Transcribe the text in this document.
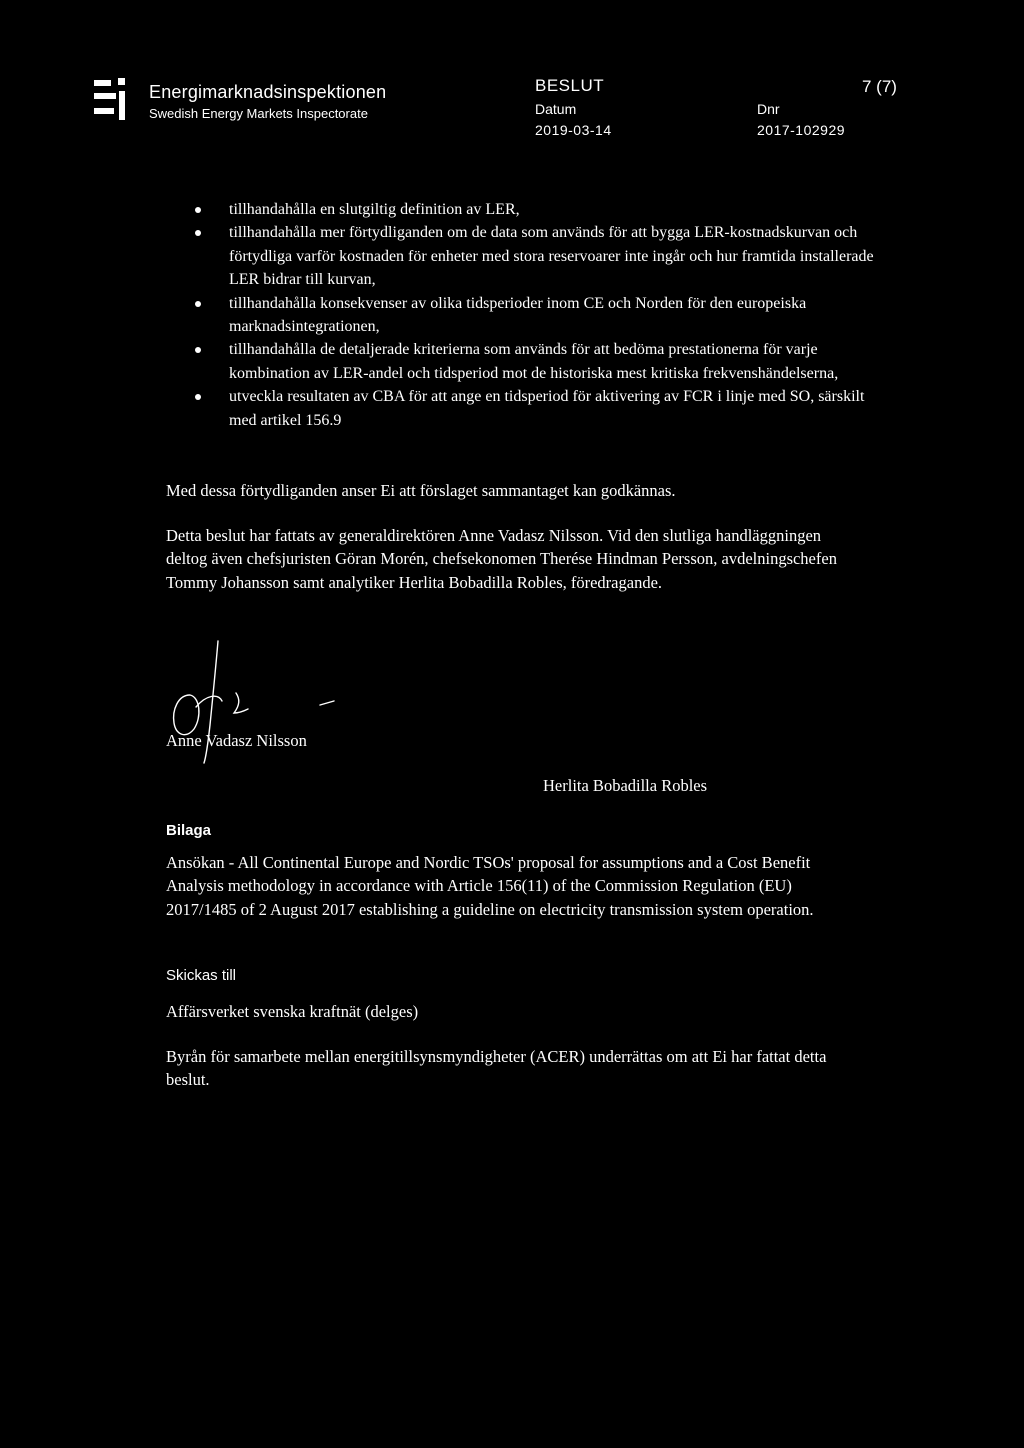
Energimarknadsinspektionen
Swedish Energy Markets Inspectorate
BESLUT	7 (7)
Datum
2019-03-14
Dnr
2017-102929
tillhandahålla en slutgiltig definition av LER,
tillhandahålla mer förtydliganden om de data som används för att bygga LER-kostnadskurvan och förtydliga varför kostnaden för enheter med stora reservoarer inte ingår och hur framtida installerade LER bidrar till kurvan,
tillhandahålla konsekvenser av olika tidsperioder inom CE och Norden för den europeiska marknadsintegrationen,
tillhandahålla de detaljerade kriterierna som används för att bedöma prestationerna för varje kombination av LER-andel och tidsperiod mot de historiska mest kritiska frekvenshändelserna,
utveckla resultaten av CBA för att ange en tidsperiod för aktivering av FCR i linje med SO, särskilt med artikel 156.9

Med dessa förtydliganden anser Ei att förslaget sammantaget kan godkännas.

Detta beslut har fattats av generaldirektören Anne Vadasz Nilsson. Vid den slutliga handläggningen deltog även chefsjuristen Göran Morén, chefsekonomen Therése Hindman Persson, avdelningschefen Tommy Johansson samt analytiker Herlita Bobadilla Robles, föredragande.

Anne Vadasz Nilsson
Herlita Bobadilla Robles
Bilaga

Ansökan - All Continental Europe and Nordic TSOs' proposal for assumptions and a Cost Benefit Analysis methodology in accordance with Article 156(11) of the Commission Regulation (EU) 2017/1485 of 2 August 2017 establishing a guideline on electricity transmission system operation.

Skickas till

Affärsverket svenska kraftnät (delges)

Byrån för samarbete mellan energitillsynsmyndigheter (ACER) underrättas om att Ei har fattat detta beslut.
